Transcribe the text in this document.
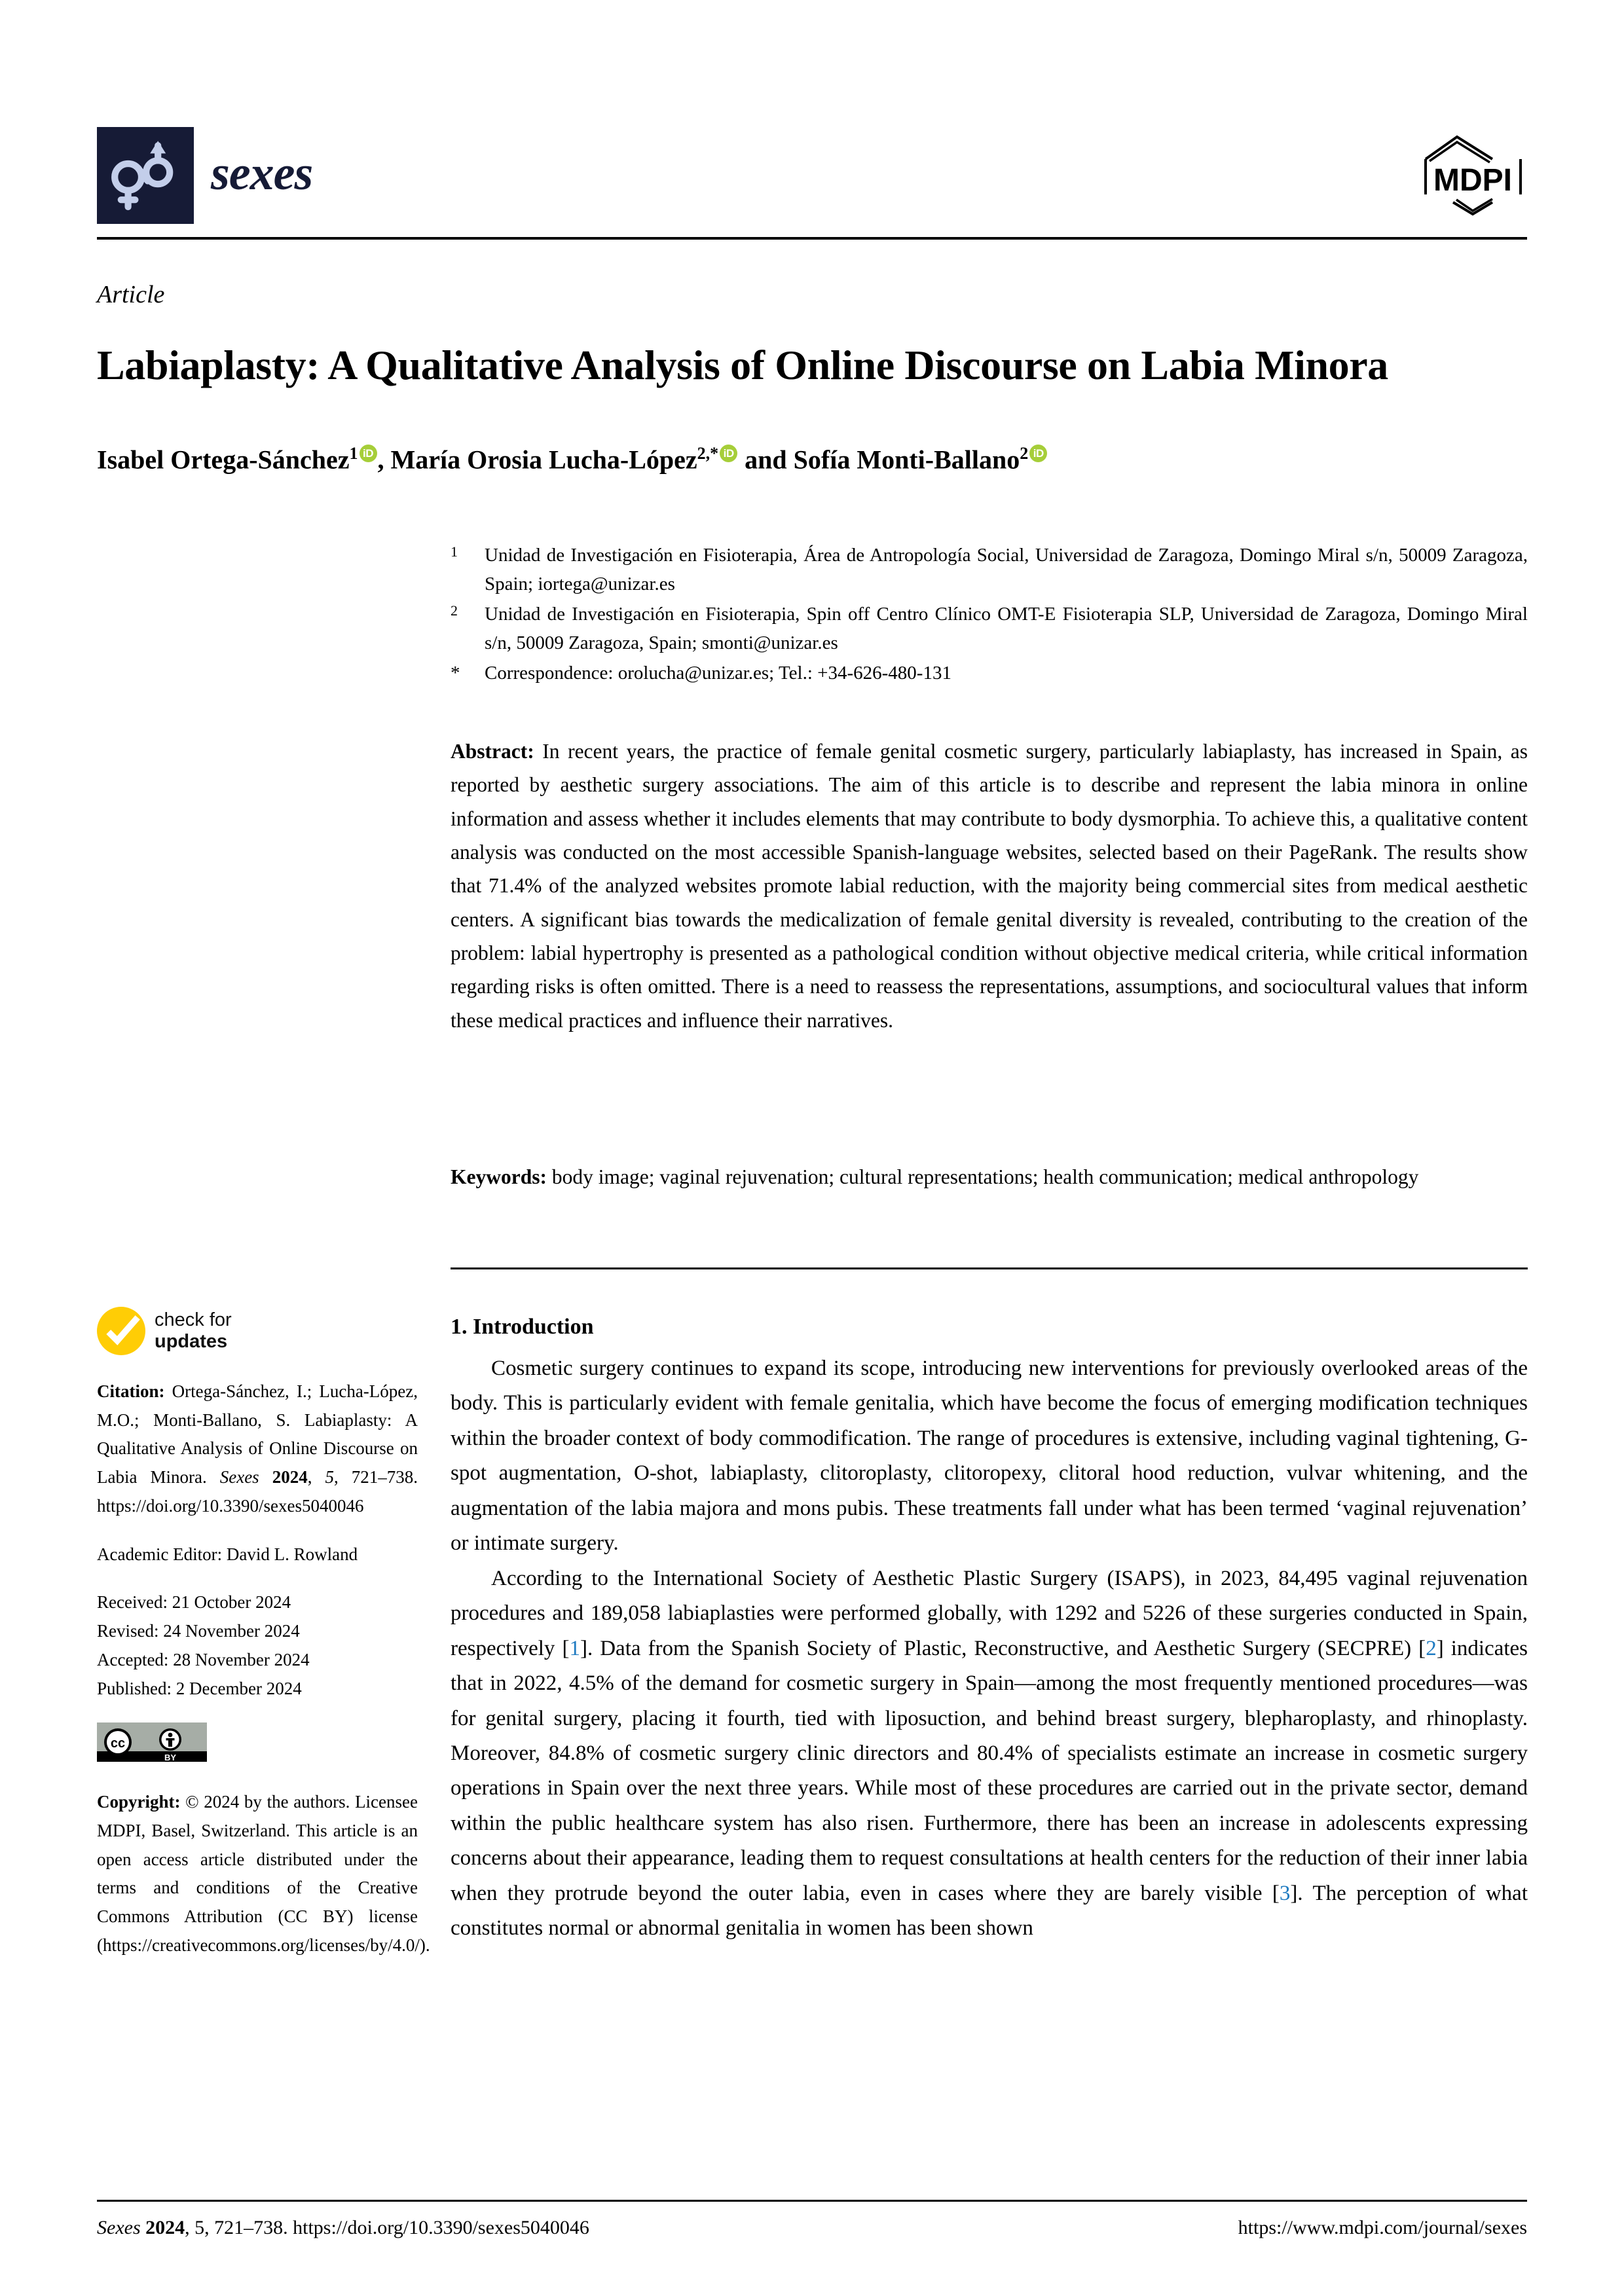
sexes	MDPI
Article
Labiaplasty: A Qualitative Analysis of Online Discourse on Labia Minora
Isabel Ortega-Sánchez$^1$ iD , María Orosia Lucha-López$^{2,*}$ iD and Sofía Monti-Ballano$^2$iD
$^1$	Unidad de Investigación en Fisioterapia, Área de Antropología Social, Universidad de Zaragoza, Domingo Miral s/n, 50009 Zaragoza, Spain; iortega@unizar.es
$^2$	Unidad de Investigación en Fisioterapia, Spin off Centro Clínico OMT-E Fisioterapia SLP, Universidad de Zaragoza, Domingo Miral s/n, 50009 Zaragoza, Spain; smonti@unizar.es
*	Correspondence: orolucha@unizar.es; Tel.: +34-626-480-131
Abstract: In recent years, the practice of female genital cosmetic surgery, particularly labiaplasty, has increased in Spain, as reported by aesthetic surgery associations. The aim of this article is to describe and represent the labia minora in online information and assess whether it includes elements that may contribute to body dysmorphia. To achieve this, a qualitative content analysis was conducted on the most accessible Spanish-language websites, selected based on their PageRank. The results show that 71.4% of the analyzed websites promote labial reduction, with the majority being commercial sites from medical aesthetic centers. A significant bias towards the medicalization of female genital diversity is revealed, contributing to the creation of the problem: labial hypertrophy is presented as a pathological condition without objective medical criteria, while critical information regarding risks is often omitted. There is a need to reassess the representations, assumptions, and sociocultural values that inform these medical practices and influence their narratives.
Keywords: body image; vaginal rejuvenation; cultural representations; health communication; medical anthropology
check for
updates
Citation: Ortega-Sánchez, I.; Lucha-López, M.O.; Monti-Ballano, S. Labiaplasty: A Qualitative Analysis of Online Discourse on Labia Minora. Sexes 2024, 5, 721–738. https://doi.org/10.3390/sexes5040046
Academic Editor: David L. Rowland
Received: 21 October 2024
Revised: 24 November 2024
Accepted: 28 November 2024
Published: 2 December 2024
cc
BY
Copyright: © 2024 by the authors. Licensee MDPI, Basel, Switzerland. This article is an open access article distributed under the terms and conditions of the Creative Commons Attribution (CC BY) license (https://creativecommons.org/licenses/by/4.0/).
1. Introduction

Cosmetic surgery continues to expand its scope, introducing new interventions for previously overlooked areas of the body. This is particularly evident with female genitalia, which have become the focus of emerging modification techniques within the broader context of body commodification. The range of procedures is extensive, including vaginal tightening, G-spot augmentation, O-shot, labiaplasty, clitoroplasty, clitoropexy, clitoral hood reduction, vulvar whitening, and the augmentation of the labia majora and mons pubis. These treatments fall under what has been termed ‘vaginal rejuvenation’ or intimate surgery.

According to the International Society of Aesthetic Plastic Surgery (ISAPS), in 2023, 84,495 vaginal rejuvenation procedures and 189,058 labiaplasties were performed globally, with 1292 and 5226 of these surgeries conducted in Spain, respectively [1]. Data from the Spanish Society of Plastic, Reconstructive, and Aesthetic Surgery (SECPRE) [2] indicates that in 2022, 4.5% of the demand for cosmetic surgery in Spain—among the most frequently mentioned procedures—was for genital surgery, placing it fourth, tied with liposuction, and behind breast surgery, blepharoplasty, and rhinoplasty. Moreover, 84.8% of cosmetic surgery clinic directors and 80.4% of specialists estimate an increase in cosmetic surgery operations in Spain over the next three years. While most of these procedures are carried out in the private sector, demand within the public healthcare system has also risen. Furthermore, there has been an increase in adolescents expressing concerns about their appearance, leading them to request consultations at health centers for the reduction of their inner labia when they protrude beyond the outer labia, even in cases where they are barely visible [3]. The perception of what constitutes normal or abnormal genitalia in women has been shown

Sexes 2024, 5, 721–738. https://doi.org/10.3390/sexes5040046	https://www.mdpi.com/journal/sexes
